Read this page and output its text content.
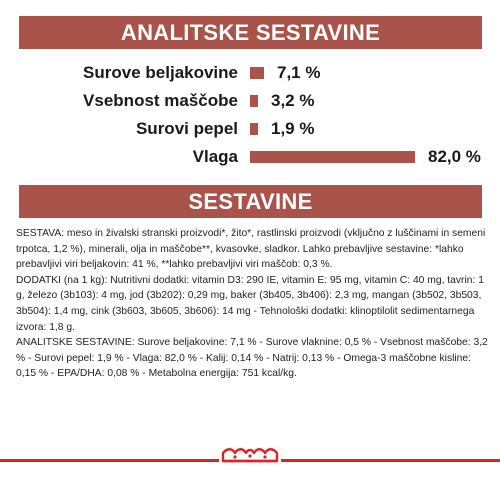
ANALITSKE SESTAVINE
Surove beljakovine 7,1 %
Vsebnost maščobe 3,2 %
Surovi pepel 1,9 %
Vlaga	82,0 %
SESTAVINE

SESTAVA: meso in živalski stranski proizvodi*, žito*, rastlinski proizvodi (vključno z luščinami in semeni trpotca, 1,2 %), minerali, olja in maščobe**, kvasovke, sladkor. Lahko prebavljive sestavine: *lahko prebavljivi viri beljakovin: 41 %, **lahko prebavljivi viri maščob: 0,3 %.

DODATKI (na 1 kg): Nutritivni dodatki: vitamin D3: 290 IE, vitamin E: 95 mg, vitamin C: 40 mg, tavrin: 1 g, železo (3b103): 4 mg, jod (3b202): 0,29 mg, baker (3b405, 3b406): 2,3 mg, mangan (3b502, 3b503, 3b504): 1,4 mg, cink (3b603, 3b605, 3b606): 14 mg - Tehnološki dodatki: klinoptilolit sedimentarnega izvora: 1,8 g.

ANALITSKE SESTAVINE: Surove beljakovine: 7,1 % - Surove vlaknine: 0,5 % - Vsebnost maščobe: 3,2 % - Surovi pepel: 1,9 % - Vlaga: 82,0 % - Kalij: 0,14 % - Natrij: 0,13 % - Omega-3 maščobne kisline: 0,15 % - EPA/DHA: 0,08 % - Metabolna energija: 751 kcal/kg.
